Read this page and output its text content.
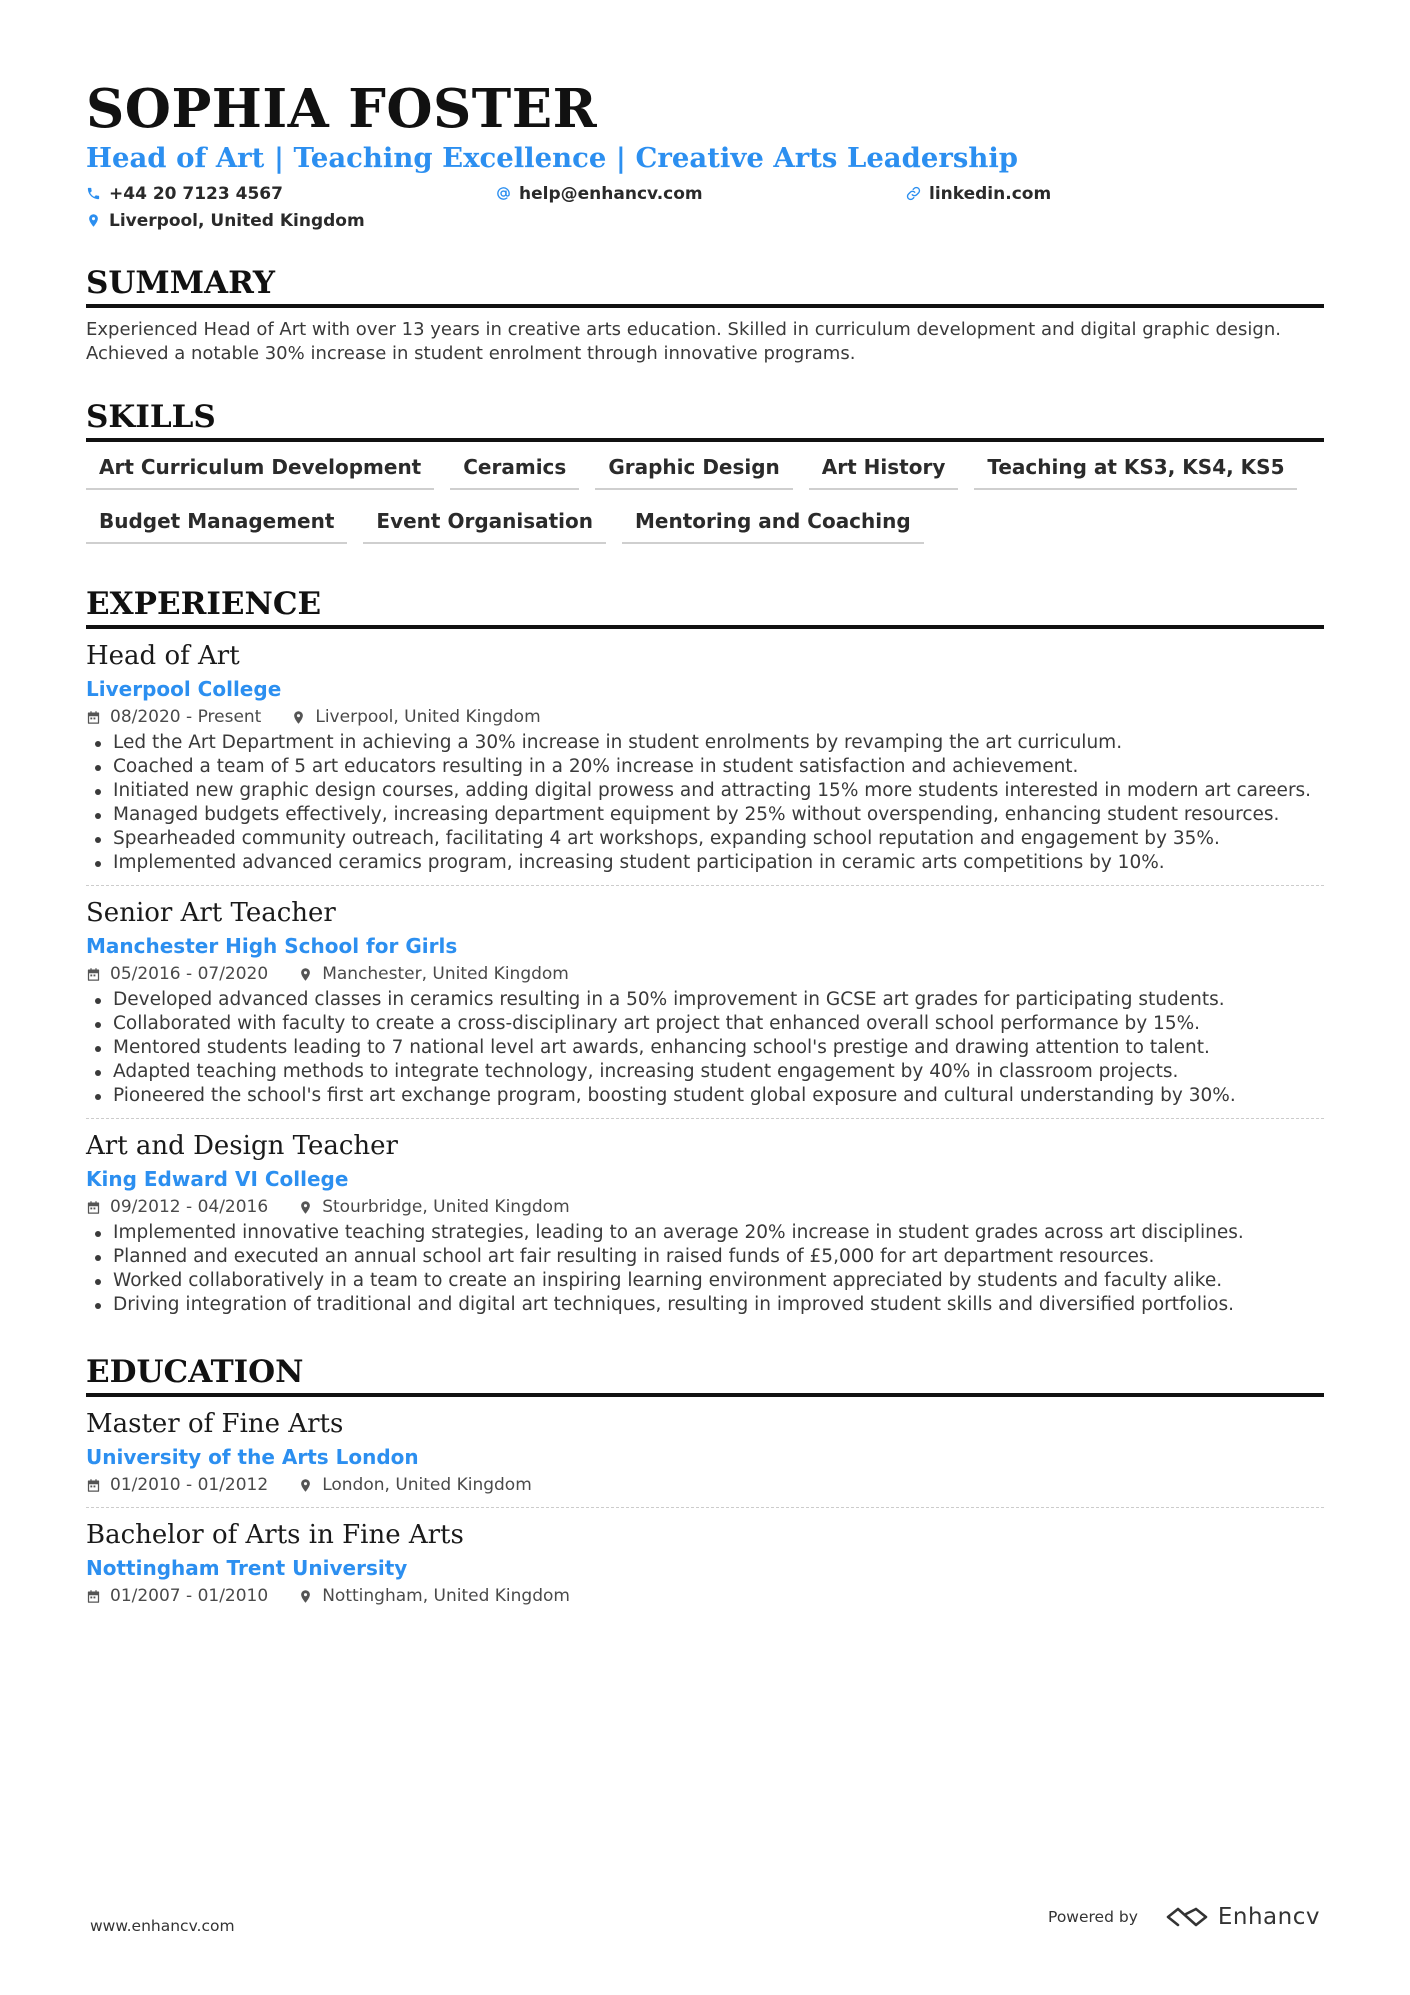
SOPHIA FOSTER
Head of Art | Teaching Excellence | Creative Arts Leadership
+44 20 7123 4567	help@enhancv.com	linkedin.com
Liverpool, United Kingdom
SUMMARY
Experienced Head of Art with over 13 years in creative arts education. Skilled in curriculum development and digital graphic design. Achieved a notable 30% increase in student enrolment through innovative programs.
SKILLS
Art Curriculum Development	Ceramics	Graphic Design	Art History	Teaching at KS3, KS4, KS5
Budget Management	Event Organisation	Mentoring and Coaching
EXPERIENCE
Head of Art
Liverpool College
08/2020 - Present	Liverpool, United Kingdom
Led the Art Department in achieving a 30% increase in student enrolments by revamping the art curriculum.
Coached a team of 5 art educators resulting in a 20% increase in student satisfaction and achievement.
Initiated new graphic design courses, adding digital prowess and attracting 15% more students interested in modern art careers.
Managed budgets effectively, increasing department equipment by 25% without overspending, enhancing student resources.
Spearheaded community outreach, facilitating 4 art workshops, expanding school reputation and engagement by 35%.
Implemented advanced ceramics program, increasing student participation in ceramic arts competitions by 10%.
Senior Art Teacher
Manchester High School for Girls
05/2016 - 07/2020	Manchester, United Kingdom
Developed advanced classes in ceramics resulting in a 50% improvement in GCSE art grades for participating students.
Collaborated with faculty to create a cross-disciplinary art project that enhanced overall school performance by 15%.
Mentored students leading to 7 national level art awards, enhancing school's prestige and drawing attention to talent.
Adapted teaching methods to integrate technology, increasing student engagement by 40% in classroom projects.
Pioneered the school's first art exchange program, boosting student global exposure and cultural understanding by 30%.
Art and Design Teacher
King Edward VI College
09/2012 - 04/2016	Stourbridge, United Kingdom
Implemented innovative teaching strategies, leading to an average 20% increase in student grades across art disciplines.
Planned and executed an annual school art fair resulting in raised funds of £5,000 for art department resources.
Worked collaboratively in a team to create an inspiring learning environment appreciated by students and faculty alike.
Driving integration of traditional and digital art techniques, resulting in improved student skills and diversified portfolios.
EDUCATION
Master of Fine Arts
University of the Arts London
01/2010 - 01/2012	London, United Kingdom
Bachelor of Arts in Fine Arts
Nottingham Trent University
01/2007 - 01/2010	Nottingham, United Kingdom
www.enhancv.com	Powered by	Enhancv
